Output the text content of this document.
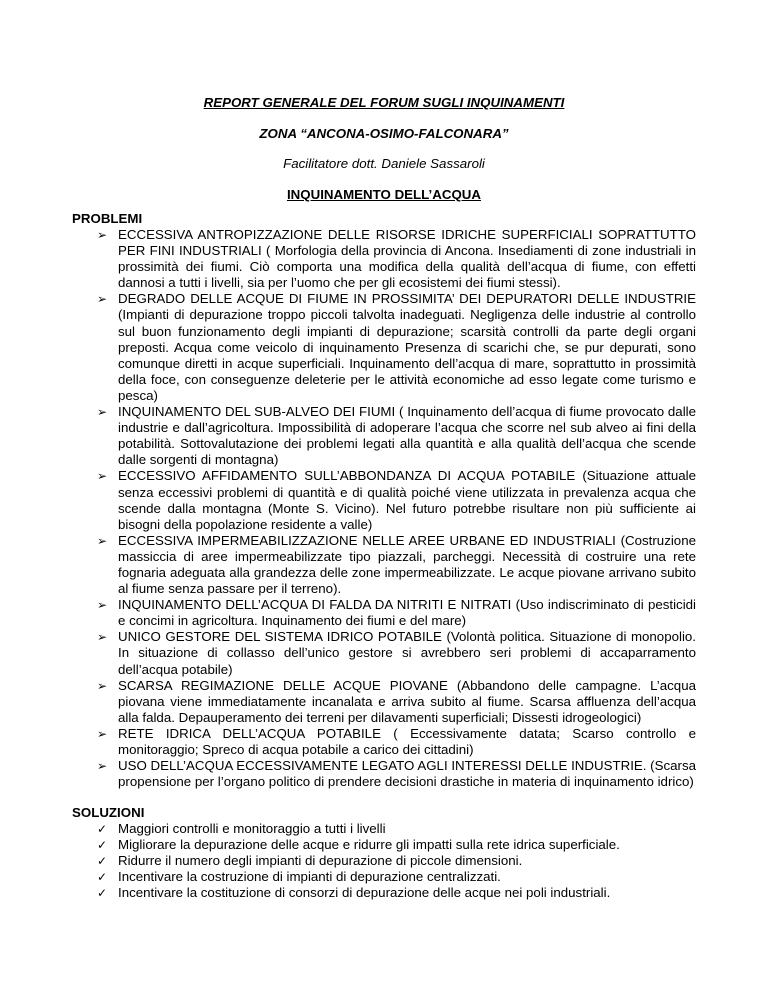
REPORT GENERALE DEL FORUM SUGLI INQUINAMENTI
ZONA “ANCONA-OSIMO-FALCONARA”
Facilitatore dott. Daniele Sassaroli
INQUINAMENTO DELL’ACQUA
PROBLEMI
➢ ECCESSIVA ANTROPIZZAZIONE DELLE RISORSE IDRICHE SUPERFICIALI SOPRATTUTTO PER FINI INDUSTRIALI ( Morfologia della provincia di Ancona. Insediamenti di zone industriali in prossimità dei fiumi. Ciò comporta una modifica della qualità dell’acqua di fiume, con effetti dannosi a tutti i livelli, sia per l’uomo che per gli ecosistemi dei fiumi stessi).
➢ DEGRADO DELLE ACQUE DI FIUME IN PROSSIMITA’ DEI DEPURATORI DELLE INDUSTRIE (Impianti di depurazione troppo piccoli talvolta inadeguati. Negligenza delle industrie al controllo sul buon funzionamento degli impianti di depurazione; scarsità controlli da parte degli organi preposti. Acqua come veicolo di inquinamento Presenza di scarichi che, se pur depurati, sono comunque diretti in acque superficiali. Inquinamento dell’acqua di mare, soprattutto in prossimità della foce, con conseguenze deleterie per le attività economiche ad esso legate come turismo e pesca)
➢ INQUINAMENTO DEL SUB-ALVEO DEI FIUMI ( Inquinamento dell’acqua di fiume provocato dalle industrie e dall’agricoltura. Impossibilità di adoperare l’acqua che scorre nel sub alveo ai fini della potabilità. Sottovalutazione dei problemi legati alla quantità e alla qualità dell’acqua che scende dalle sorgenti di montagna)
➢ ECCESSIVO AFFIDAMENTO SULL’ABBONDANZA DI ACQUA POTABILE (Situazione attuale senza eccessivi problemi di quantità e di qualità poiché viene utilizzata in prevalenza acqua che scende dalla montagna (Monte S. Vicino). Nel futuro potrebbe risultare non più sufficiente ai bisogni della popolazione residente a valle)
➢ ECCESSIVA IMPERMEABILIZZAZIONE NELLE AREE URBANE ED INDUSTRIALI (Costruzione massiccia di aree impermeabilizzate tipo piazzali, parcheggi. Necessità di costruire una rete fognaria adeguata alla grandezza delle zone impermeabilizzate. Le acque piovane arrivano subito al fiume senza passare per il terreno).
➢ INQUINAMENTO DELL’ACQUA DI FALDA DA NITRITI E NITRATI (Uso indiscriminato di pesticidi e concimi in agricoltura. Inquinamento dei fiumi e del mare)
➢ UNICO GESTORE DEL SISTEMA IDRICO POTABILE (Volontà politica. Situazione di monopolio. In situazione di collasso dell’unico gestore si avrebbero seri problemi di accaparramento dell’acqua potabile)
➢ SCARSA REGIMAZIONE DELLE ACQUE PIOVANE (Abbandono delle campagne. L’acqua piovana viene immediatamente incanalata e arriva subito al fiume. Scarsa affluenza dell’acqua alla falda. Depauperamento dei terreni per dilavamenti superficiali; Dissesti idrogeologici)
➢ RETE IDRICA DELL’ACQUA POTABILE ( Eccessivamente datata; Scarso controllo e monitoraggio; Spreco di acqua potabile a carico dei cittadini)
➢ USO DELL’ACQUA ECCESSIVAMENTE LEGATO AGLI INTERESSI DELLE INDUSTRIE. (Scarsa propensione per l’organo politico di prendere decisioni drastiche in materia di inquinamento idrico)
SOLUZIONI
✓ Maggiori controlli e monitoraggio a tutti i livelli
✓ Migliorare la depurazione delle acque e ridurre gli impatti sulla rete idrica superficiale.
✓ Ridurre il numero degli impianti di depurazione di piccole dimensioni.
✓ Incentivare la costruzione di impianti di depurazione centralizzati.
✓ Incentivare la costituzione di consorzi di depurazione delle acque nei poli industriali.
